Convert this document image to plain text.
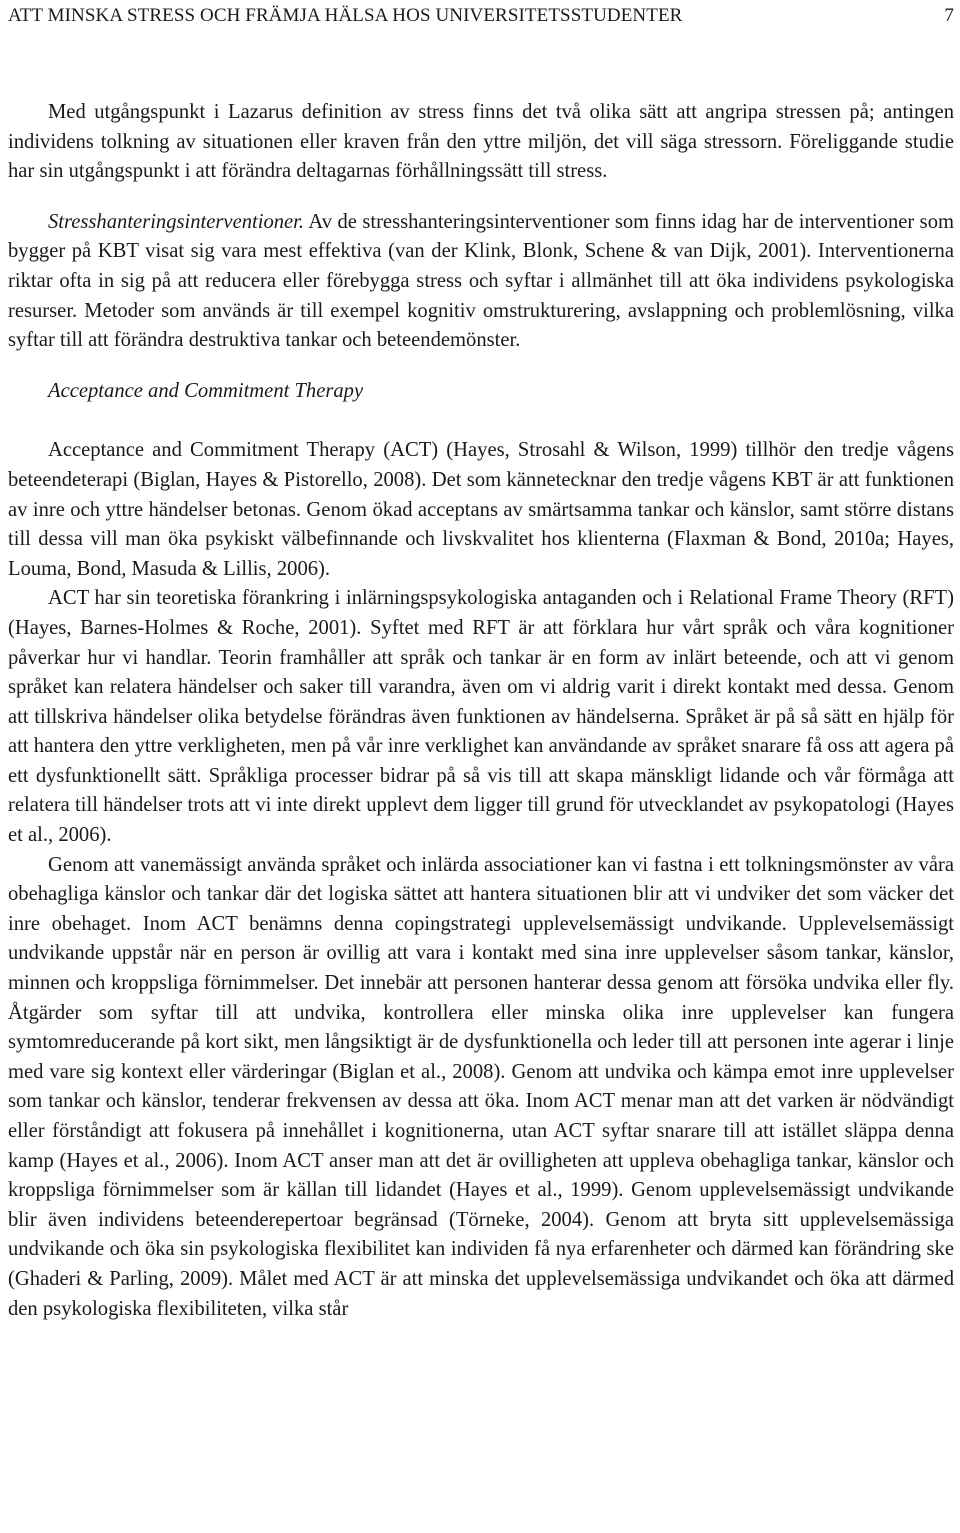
ATT MINSKA STRESS OCH FRÄMJA HÄLSA HOS UNIVERSITETSSTUDENTER	7

Med utgångspunkt i Lazarus definition av stress finns det två olika sätt att angripa stressen på; antingen individens tolkning av situationen eller kraven från den yttre miljön, det vill säga stressorn. Föreliggande studie har sin utgångspunkt i att förändra deltagarnas förhållningssätt till stress.

Stresshanteringsinterventioner. Av de stresshanteringsinterventioner som finns idag har de interventioner som bygger på KBT visat sig vara mest effektiva (van der Klink, Blonk, Schene & van Dijk, 2001). Interventionerna riktar ofta in sig på att reducera eller förebygga stress och syftar i allmänhet till att öka individens psykologiska resurser. Metoder som används är till exempel kognitiv omstrukturering, avslappning och problemlösning, vilka syftar till att förändra destruktiva tankar och beteendemönster.

Acceptance and Commitment Therapy

Acceptance and Commitment Therapy (ACT) (Hayes, Strosahl & Wilson, 1999) tillhör den tredje vågens beteendeterapi (Biglan, Hayes & Pistorello, 2008). Det som kännetecknar den tredje vågens KBT är att funktionen av inre och yttre händelser betonas. Genom ökad acceptans av smärtsamma tankar och känslor, samt större distans till dessa vill man öka psykiskt välbefinnande och livskvalitet hos klienterna (Flaxman & Bond, 2010a; Hayes, Louma, Bond, Masuda & Lillis, 2006).

ACT har sin teoretiska förankring i inlärningspsykologiska antaganden och i Relational Frame Theory (RFT) (Hayes, Barnes-Holmes & Roche, 2001). Syftet med RFT är att förklara hur vårt språk och våra kognitioner påverkar hur vi handlar. Teorin framhåller att språk och tankar är en form av inlärt beteende, och att vi genom språket kan relatera händelser och saker till varandra, även om vi aldrig varit i direkt kontakt med dessa. Genom att tillskriva händelser olika betydelse förändras även funktionen av händelserna. Språket är på så sätt en hjälp för att hantera den yttre verkligheten, men på vår inre verklighet kan användande av språket snarare få oss att agera på ett dysfunktionellt sätt. Språkliga processer bidrar på så vis till att skapa mänskligt lidande och vår förmåga att relatera till händelser trots att vi inte direkt upplevt dem ligger till grund för utvecklandet av psykopatologi (Hayes et al., 2006).

Genom att vanemässigt använda språket och inlärda associationer kan vi fastna i ett tolkningsmönster av våra obehagliga känslor och tankar där det logiska sättet att hantera situationen blir att vi undviker det som väcker det inre obehaget. Inom ACT benämns denna copingstrategi upplevelsemässigt undvikande. Upplevelsemässigt undvikande uppstår när en person är ovillig att vara i kontakt med sina inre upplevelser såsom tankar, känslor, minnen och kroppsliga förnimmelser. Det innebär att personen hanterar dessa genom att försöka undvika eller fly. Åtgärder som syftar till att undvika, kontrollera eller minska olika inre upplevelser kan fungera symtomreducerande på kort sikt, men långsiktigt är de dysfunktionella och leder till att personen inte agerar i linje med vare sig kontext eller värderingar (Biglan et al., 2008). Genom att undvika och kämpa emot inre upplevelser som tankar och känslor, tenderar frekvensen av dessa att öka. Inom ACT menar man att det varken är nödvändigt eller förståndigt att fokusera på innehållet i kognitionerna, utan ACT syftar snarare till att istället släppa denna kamp (Hayes et al., 2006). Inom ACT anser man att det är ovilligheten att uppleva obehagliga tankar, känslor och kroppsliga förnimmelser som är källan till lidandet (Hayes et al., 1999). Genom upplevelsemässigt undvikande blir även individens beteenderepertoar begränsad (Törneke, 2004). Genom att bryta sitt upplevelsemässiga undvikande och öka sin psykologiska flexibilitet kan individen få nya erfarenheter och därmed kan förändring ske (Ghaderi & Parling, 2009). Målet med ACT är att minska det upplevelsemässiga undvikandet och öka att därmed den psykologiska flexibiliteten, vilka står
